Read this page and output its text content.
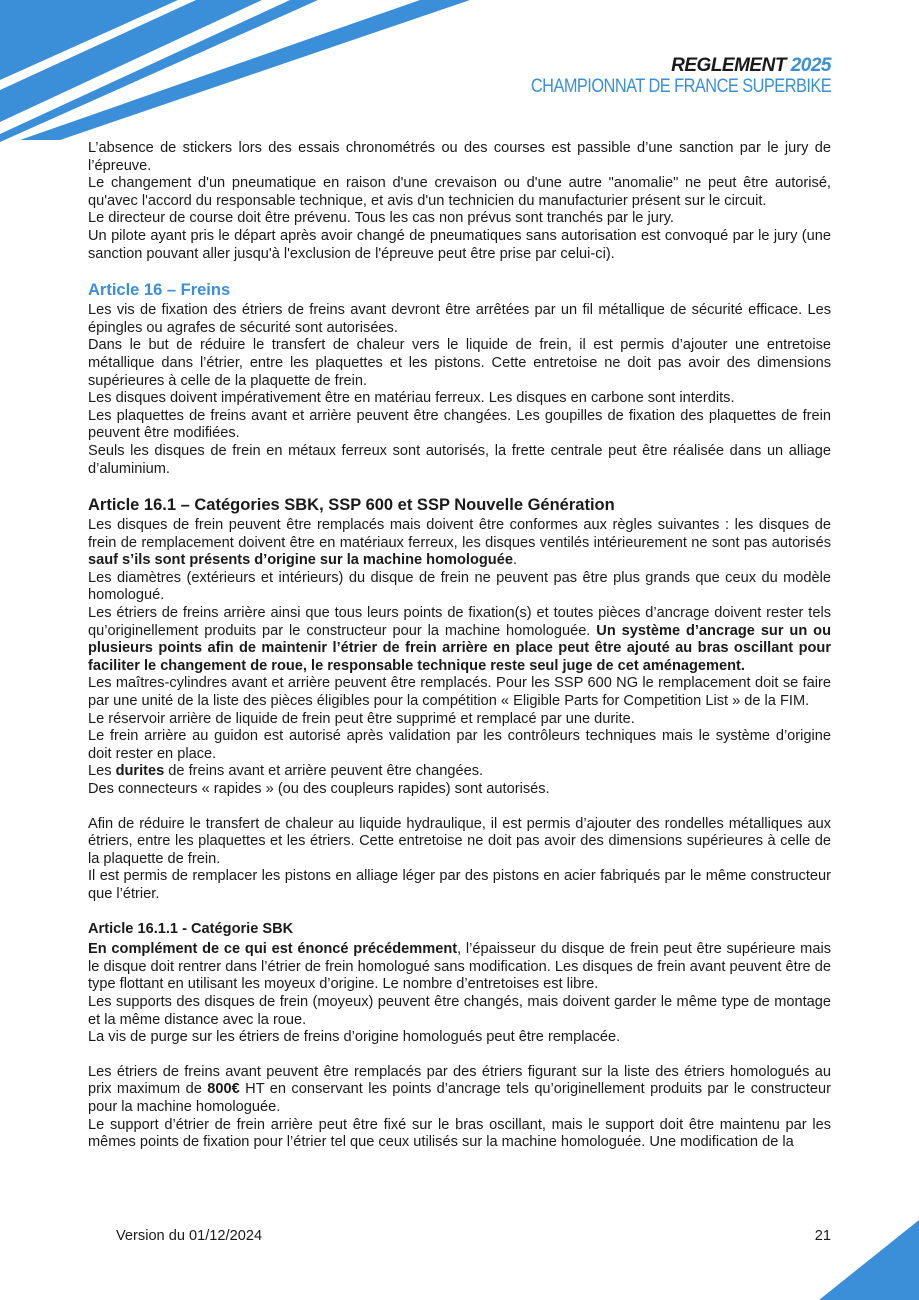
REGLEMENT 2025
CHAMPIONNAT DE FRANCE SUPERBIKE

L’absence de stickers lors des essais chronométrés ou des courses est passible d’une sanction par le jury de l’épreuve.

Le changement d'un pneumatique en raison d'une crevaison ou d'une autre "anomalie" ne peut être autorisé, qu'avec l'accord du responsable technique, et avis d'un technicien du manufacturier présent sur le circuit.

Le directeur de course doit être prévenu. Tous les cas non prévus sont tranchés par le jury.

Un pilote ayant pris le départ après avoir changé de pneumatiques sans autorisation est convoqué par le jury (une sanction pouvant aller jusqu'à l'exclusion de l'épreuve peut être prise par celui-ci).

Article 16 – Freins

Les vis de fixation des étriers de freins avant devront être arrêtées par un fil métallique de sécurité efficace. Les épingles ou agrafes de sécurité sont autorisées.

Dans le but de réduire le transfert de chaleur vers le liquide de frein, il est permis d’ajouter une entretoise métallique dans l’étrier, entre les plaquettes et les pistons. Cette entretoise ne doit pas avoir des dimensions supérieures à celle de la plaquette de frein.

Les disques doivent impérativement être en matériau ferreux. Les disques en carbone sont interdits.

Les plaquettes de freins avant et arrière peuvent être changées. Les goupilles de fixation des plaquettes de frein peuvent être modifiées.

Seuls les disques de frein en métaux ferreux sont autorisés, la frette centrale peut être réalisée dans un alliage d’aluminium.

Article 16.1 – Catégories SBK, SSP 600 et SSP Nouvelle Génération

Les disques de frein peuvent être remplacés mais doivent être conformes aux règles suivantes : les disques de frein de remplacement doivent être en matériaux ferreux, les disques ventilés intérieurement ne sont pas autorisés sauf s’ils sont présents d’origine sur la machine homologuée.

Les diamètres (extérieurs et intérieurs) du disque de frein ne peuvent pas être plus grands que ceux du modèle homologué.

Les étriers de freins arrière ainsi que tous leurs points de fixation(s) et toutes pièces d’ancrage doivent rester tels qu’originellement produits par le constructeur pour la machine homologuée. Un système d’ancrage sur un ou plusieurs points afin de maintenir l’étrier de frein arrière en place peut être ajouté au bras oscillant pour faciliter le changement de roue, le responsable technique reste seul juge de cet aménagement.

Les maîtres-cylindres avant et arrière peuvent être remplacés. Pour les SSP 600 NG le remplacement doit se faire par une unité de la liste des pièces éligibles pour la compétition « Eligible Parts for Competition List » de la FIM.

Le réservoir arrière de liquide de frein peut être supprimé et remplacé par une durite.

Le frein arrière au guidon est autorisé après validation par les contrôleurs techniques mais le système d’origine doit rester en place.

Les durites de freins avant et arrière peuvent être changées.

Des connecteurs « rapides » (ou des coupleurs rapides) sont autorisés.

Afin de réduire le transfert de chaleur au liquide hydraulique, il est permis d’ajouter des rondelles métalliques aux étriers, entre les plaquettes et les étriers. Cette entretoise ne doit pas avoir des dimensions supérieures à celle de la plaquette de frein.

Il est permis de remplacer les pistons en alliage léger par des pistons en acier fabriqués par le même constructeur que l’étrier.

Article 16.1.1 - Catégorie SBK

En complément de ce qui est énoncé précédemment, l’épaisseur du disque de frein peut être supérieure mais le disque doit rentrer dans l’étrier de frein homologué sans modification. Les disques de frein avant peuvent être de type flottant en utilisant les moyeux d’origine. Le nombre d’entretoises est libre.

Les supports des disques de frein (moyeux) peuvent être changés, mais doivent garder le même type de montage et la même distance avec la roue.

La vis de purge sur les étriers de freins d’origine homologués peut être remplacée.

Les étriers de freins avant peuvent être remplacés par des étriers figurant sur la liste des étriers homologués au prix maximum de 800€ HT en conservant les points d’ancrage tels qu’originellement produits par le constructeur pour la machine homologuée.

Le support d’étrier de frein arrière peut être fixé sur le bras oscillant, mais le support doit être maintenu par les mêmes points de fixation pour l’étrier tel que ceux utilisés sur la machine homologuée. Une modification de la

Version du 01/12/2024	21
